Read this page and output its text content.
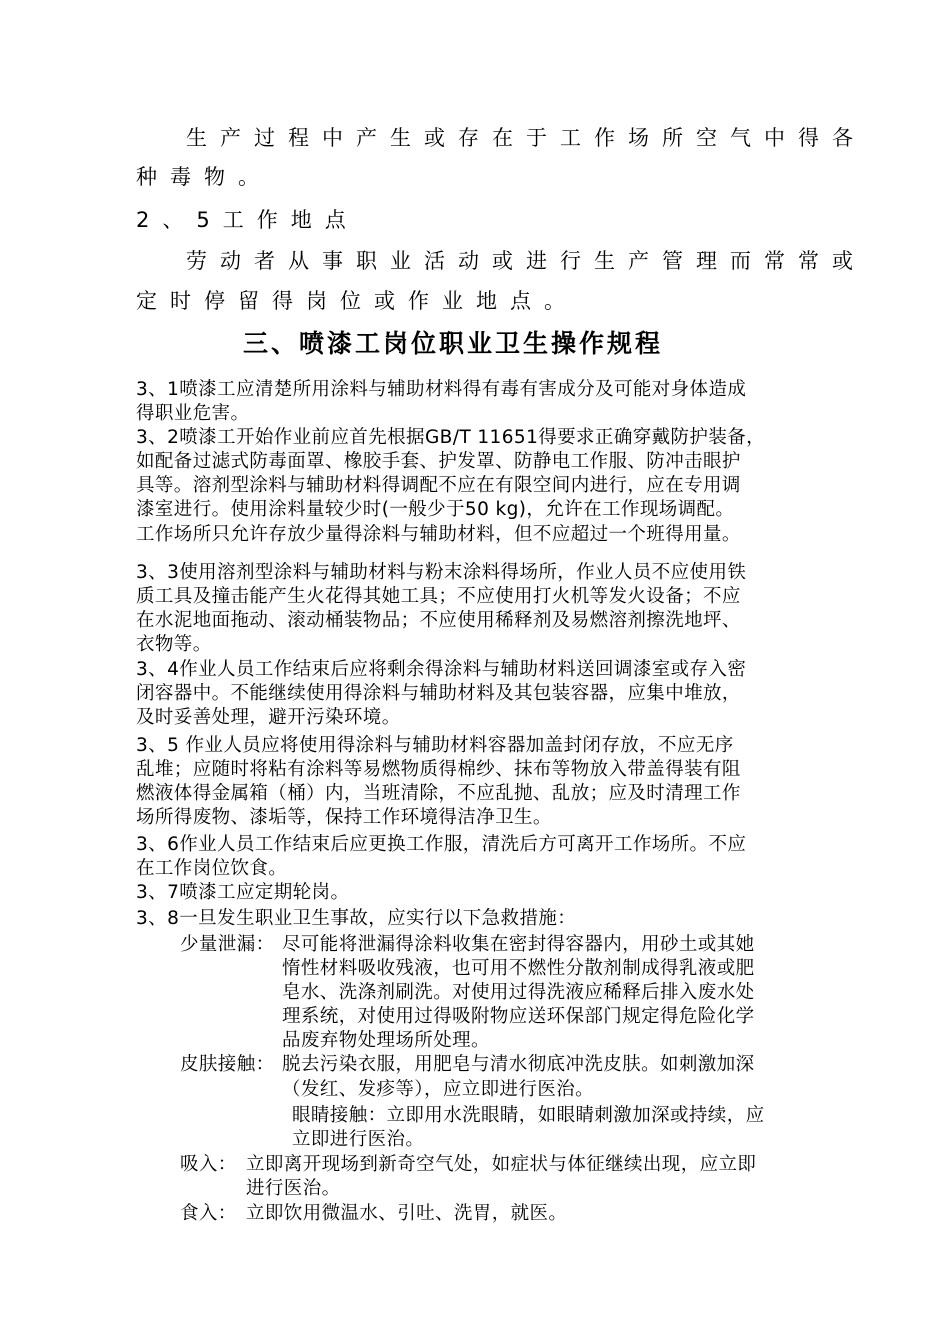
生产过程中产生或存在于工作场所空气中得各
种毒物。
2、5工作地点
劳动者从事职业活动或进行生产管理而常常或
定时停留得岗位或作业地点。
三、喷漆工岗位职业卫生操作规程
3、1喷漆工应清楚所用涂料与辅助材料得有毒有害成分及可能对身体造成
得职业危害。
3、2喷漆工开始作业前应首先根据GB/T 11651得要求正确穿戴防护装备，
如配备过滤式防毒面罩、橡胶手套、护发罩、防静电工作服、防冲击眼护
具等。溶剂型涂料与辅助材料得调配不应在有限空间内进行，应在专用调
漆室进行。使用涂料量较少时(一般少于50 kg)，允许在工作现场调配。
工作场所只允许存放少量得涂料与辅助材料，但不应超过一个班得用量。
3、3使用溶剂型涂料与辅助材料与粉末涂料得场所，作业人员不应使用铁
质工具及撞击能产生火花得其她工具；不应使用打火机等发火设备；不应
在水泥地面拖动、滚动桶装物品；不应使用稀释剂及易燃溶剂擦洗地坪、
衣物等。
3、4作业人员工作结束后应将剩余得涂料与辅助材料送回调漆室或存入密
闭容器中。不能继续使用得涂料与辅助材料及其包装容器，应集中堆放，
及时妥善处理，避开污染环境。
3、5 作业人员应将使用得涂料与辅助材料容器加盖封闭存放，不应无序
乱堆；应随时将粘有涂料等易燃物质得棉纱、抹布等物放入带盖得装有阻
燃液体得金属箱（桶）内，当班清除，不应乱抛、乱放；应及时清理工作
场所得废物、漆垢等，保持工作环境得洁净卫生。
3、6作业人员工作结束后应更换工作服，清洗后方可离开工作场所。不应
在工作岗位饮食。
3、7喷漆工应定期轮岗。
3、8一旦发生职业卫生事故，应实行以下急救措施：
少量泄漏： 尽可能将泄漏得涂料收集在密封得容器内，用砂土或其她
惰性材料吸收残液，也可用不燃性分散剂制成得乳液或肥
皂水、洗涤剂刷洗。对使用过得洗液应稀释后排入废水处
理系统，对使用过得吸附物应送环保部门规定得危险化学
品废弃物处理场所处理。
皮肤接触： 脱去污染衣服，用肥皂与清水彻底冲洗皮肤。如刺激加深
（发红、发疹等），应立即进行医治。
眼睛接触：立即用水洗眼睛，如眼睛刺激加深或持续，应
立即进行医治。
吸入： 立即离开现场到新奇空气处，如症状与体征继续出现，应立即
进行医治。
食入： 立即饮用微温水、引吐、洗胃，就医。
